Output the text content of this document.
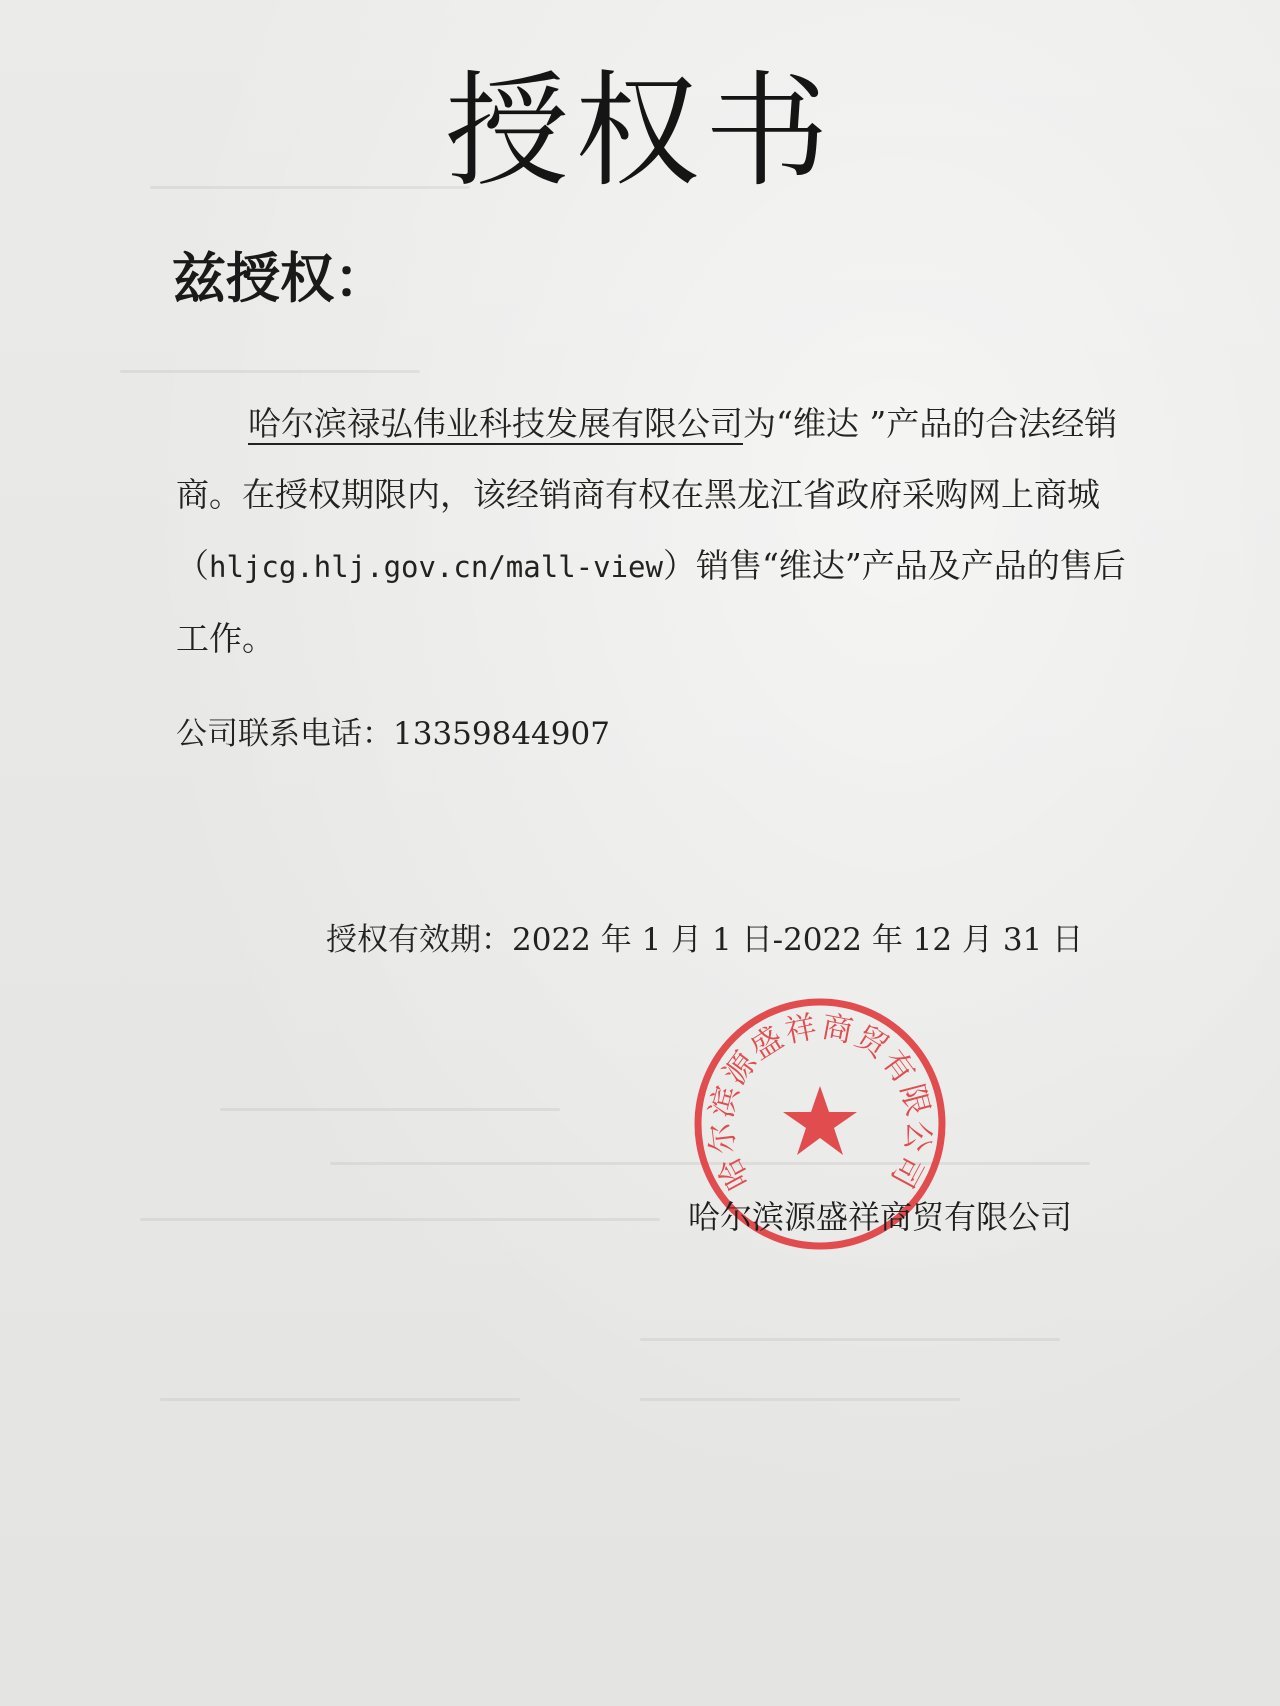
授权书
兹授权：
哈尔滨禄弘伟业科技发展有限公司为“维达 ”产品的合法经销商。在授权期限内，该经销商有权在黑龙江省政府采购网上商城（hljcg.hlj.gov.cn/mall-view）销售“维达”产品及产品的售后工作。
公司联系电话：13359844907
授权有效期：2022 年 1 月 1 日-2022 年 12 月 31 日
哈尔滨源盛祥商贸有限公司
哈尔滨源盛祥商贸有限公司
